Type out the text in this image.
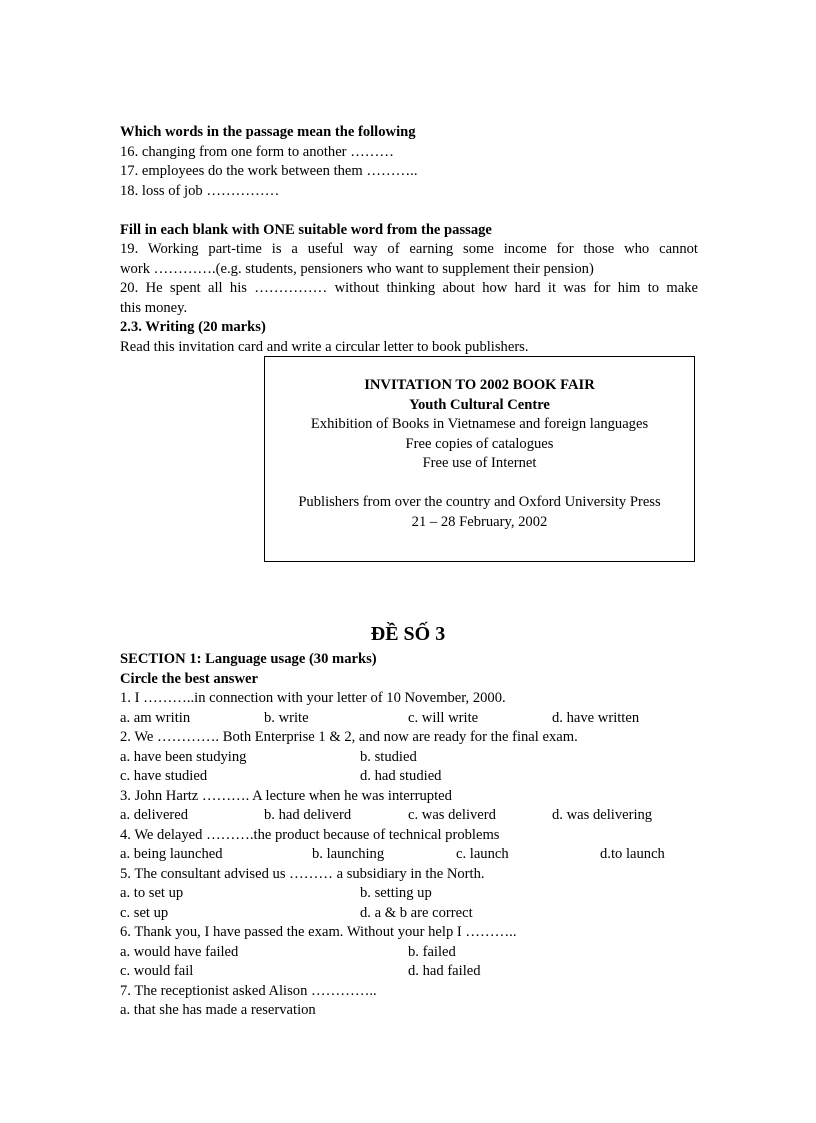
Which words in the passage mean the following
16. changing from one form to another ………
17. employees do the work between them ………..
18. loss of job ……………
Fill in each blank with ONE suitable word from the passage
19. Working part-time is a useful way of earning some income for those who cannot
work ………….(e.g. students, pensioners who want to supplement their pension)
20. He spent all his …………… without thinking about how hard it was for him to make
this money.
2.3. Writing (20 marks)
Read this invitation card and write a circular letter to book publishers.
INVITATION TO 2002 BOOK FAIR
Youth Cultural Centre
Exhibition of Books in Vietnamese and foreign languages
Free copies of catalogues
Free use of Internet
Publishers from over the country and Oxford University Press
21 – 28 February, 2002
ĐỀ SỐ 3
SECTION 1: Language usage (30 marks)
Circle the best answer
1. I ………..in connection with your letter of 10 November, 2000.
a. am writin	b. write	c. will write	d. have written
2. We …………. Both Enterprise 1 & 2, and now are ready for the final exam.
a. have been studying	b. studied
c. have studied	d. had studied
3. John Hartz ………. A lecture when he was interrupted
a. delivered	b. had deliverd	c. was deliverd	d. was delivering
4. We delayed ……….the product because of technical problems
a. being launched	b. launching	c. launch	d.to launch
5. The consultant advised us ……… a subsidiary in the North.
a. to set up	b. setting up
c. set up	d. a & b are correct
6. Thank you, I have passed the exam. Without your help I ………..
a. would have failed	b. failed
c. would fail	d. had failed
7. The receptionist asked Alison …………..
a. that she has made a reservation
